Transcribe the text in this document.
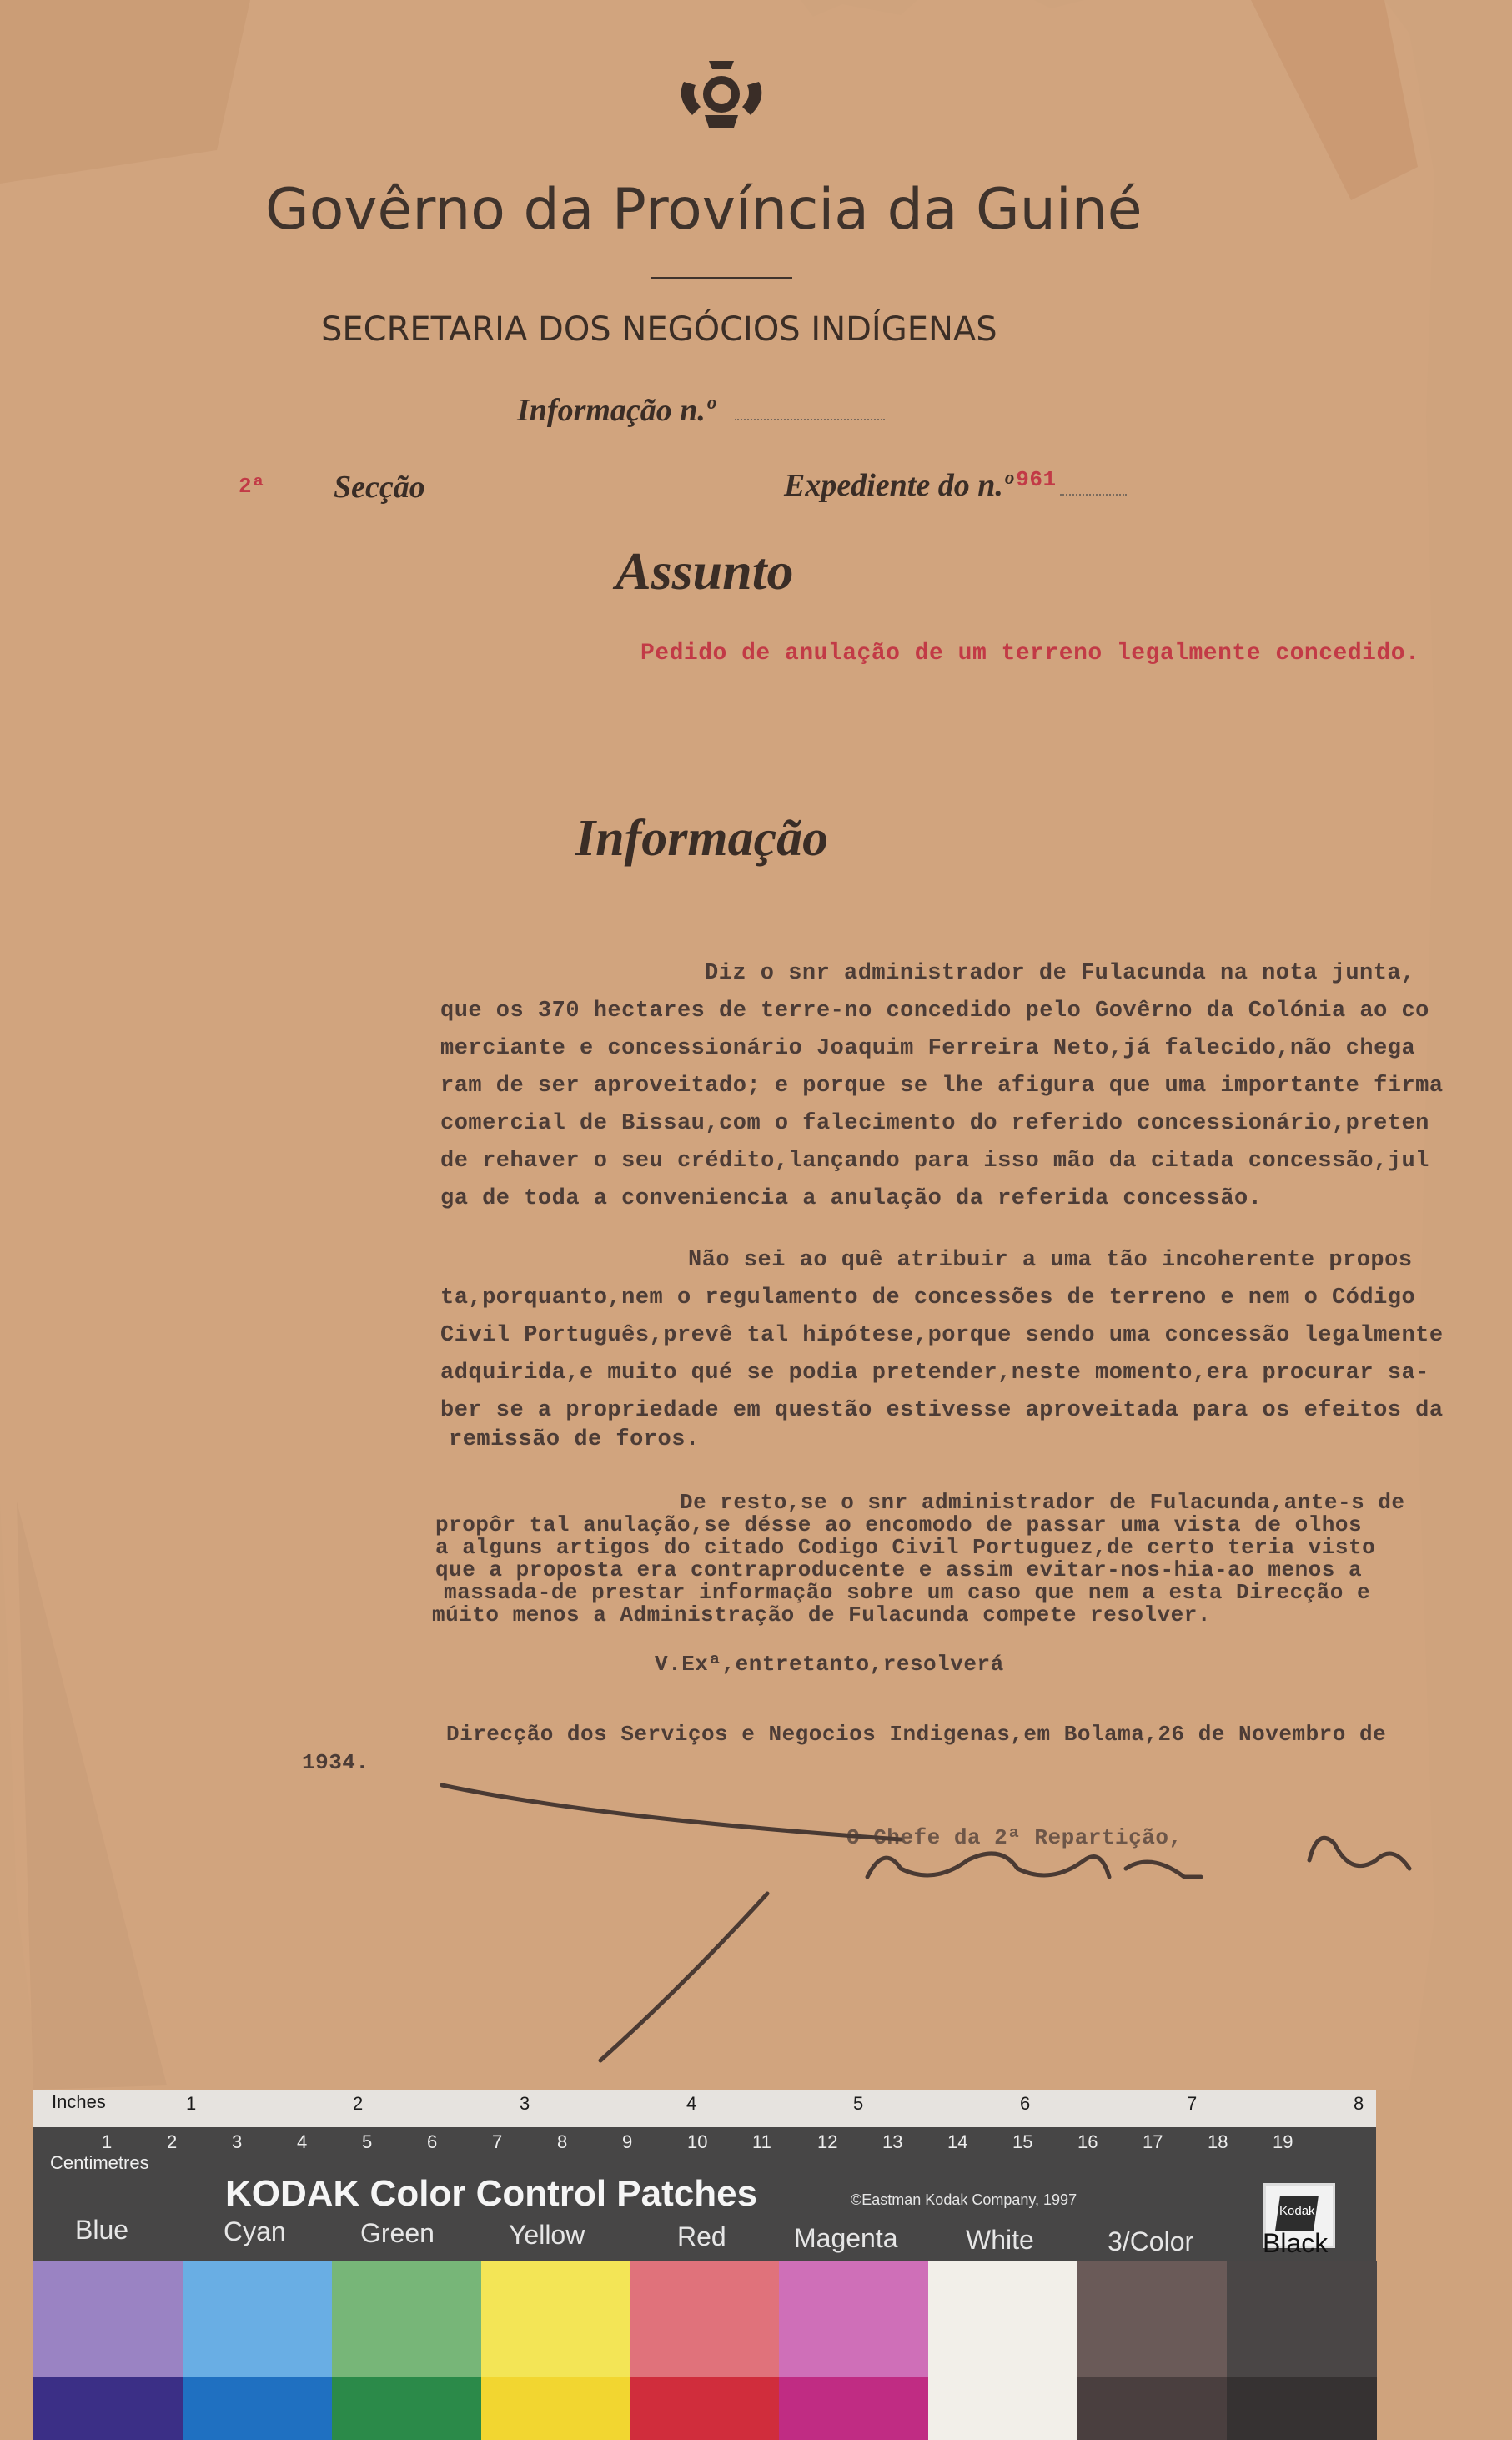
Govêrno da Província da Guiné
SECRETARIA DOS NEGÓCIOS INDÍGENAS
Informação n.º
2ª Secção	Expediente do n.º 961
Assunto
Pedido de anulação de um terreno legalmente concedido.
Informação
Diz o snr administrador de Fulacunda na nota junta,
que os 370 hectares de terre-no concedido pelo Govêrno da Colónia ao co
merciante e concessionário Joaquim Ferreira Neto,já falecido,não chega
ram de ser aproveitado; e porque se lhe afigura que uma importante firma
comercial de Bissau,com o falecimento do referido concessionário,preten
de rehaver o seu crédito,lançando para isso mão da citada concessão,jul
ga de toda a conveniencia a anulação da referida concessão.
Não sei ao quê atribuir a uma tão incoherente propos
ta,porquanto,nem o regulamento de concessões de terreno e nem o Código
Civil Português,prevê tal hipótese,porque sendo uma concessão legalmente
adquirida,e muito qué se podia pretender,neste momento,era procurar sa-
ber se a propriedade em questão estivesse aproveitada para os efeitos da
remissão de foros.
De resto,se o snr administrador de Fulacunda,ante-s de
propôr tal anulação,se désse ao encomodo de passar uma vista de olhos
a alguns artigos do citado Codigo Civil Portuguez,de certo teria visto
que a proposta era contraproducente e assim evitar-nos-hia-ao menos a
massada-de prestar informação sobre um caso que nem a esta Direcção e
múito menos a Administração de Fulacunda compete resolver.
V.Exª,entretanto,resolverá
Direcção dos Serviços e Negocios Indigenas,em Bolama,26 de Novembro de
1934.
O Chefe da 2ª Repartição,
Inches	1	2	3	4	5	6	7	8
Centimetres
1	2	3	4	5	6	7	8	9	10 11	12 13 14 15 16 17 18 19
KODAK Color Control Patches	©Eastman Kodak Company, 1997
Kodak
Blue	Cyan	Green	Yellow	Red	Magenta	White	3/Color	Black
